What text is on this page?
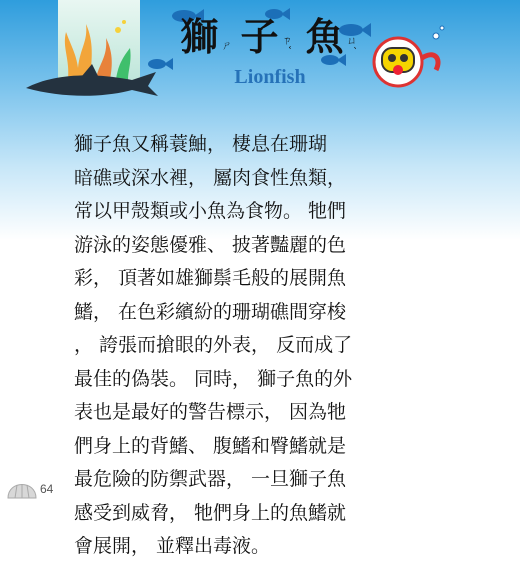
獅ㄕ 子ㄗˇ 魚ㄩˊ
Lionfish
獅子魚又稱蓑鮋， 棲息在珊瑚
暗礁或深水裡， 屬肉食性魚類，
常以甲殼類或小魚為食物。 牠們
游泳的姿態優雅、 披著豔麗的色
彩， 頂著如雄獅鬃毛般的展開魚
鰭， 在色彩繽紛的珊瑚礁間穿梭
， 誇張而搶眼的外表， 反而成了
最佳的偽裝。 同時， 獅子魚的外
表也是最好的警告標示， 因為牠
們身上的背鰭、 腹鰭和臀鰭就是
最危險的防禦武器， 一旦獅子魚
感受到威脅， 牠們身上的魚鰭就
會展開， 並釋出毒液。
64
